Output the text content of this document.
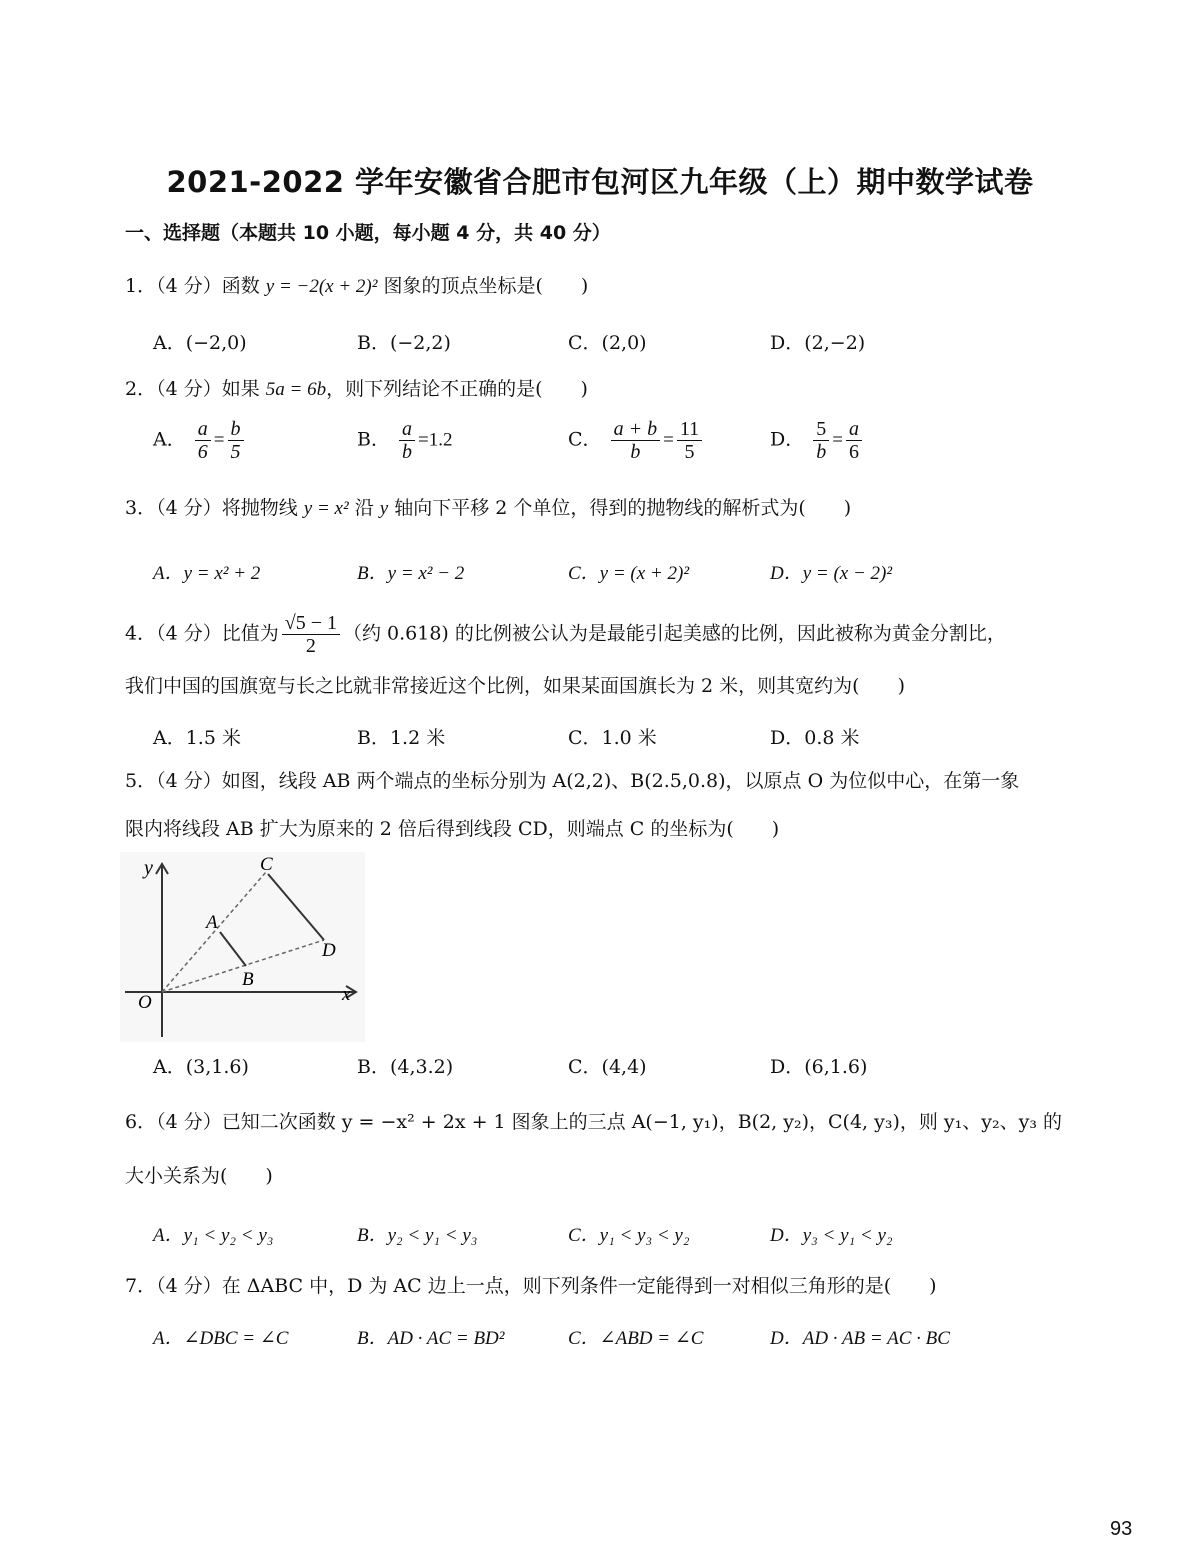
2021-2022 学年安徽省合肥市包河区九年级（上）期中数学试卷
一、选择题（本题共 10 小题，每小题 4 分，共 40 分）
1．（4 分）函数 y = −2(x + 2)² 图象的顶点坐标是(　　)
A．(−2,0)	B．(−2,2)	C．(2,0)	D．(2,−2)
2．（4 分）如果 5a = 6b，则下列结论不正确的是(　　)
A． $\frac{a}{6} = \frac{b}{5}$	B． $\frac{a}{b} =1.2$	C． $\frac{a + b}{b} = \frac{11}{5}$	D． $\frac{5}{b} = \frac{a}{6}$
3．（4 分）将抛物线 y = x² 沿 y 轴向下平移 2 个单位，得到的抛物线的解析式为(　　)
A．y = x² + 2	B．y = x² − 2	C．y = (x + 2)²	D．y = (x − 2)²
4．（4 分）比值为 $\frac{√5 - 1}{2}$ （约 0.618) 的比例被公认为是最能引起美感的比例，因此被称为黄金分割比，
我们中国的国旗宽与长之比就非常接近这个比例，如果某面国旗长为 2 米，则其宽约为(　　)
A．1.5 米	B．1.2 米	C．1.0 米	D．0.8 米
5．（4 分）如图，线段 AB 两个端点的坐标分别为 A(2,2)、B(2.5,0.8)，以原点 O 为位似中心，在第一象
限内将线段 AB 扩大为原来的 2 倍后得到线段 CD，则端点 C 的坐标为(　　)
y
x
O
A
B
C
D
A．(3,1.6)	B．(4,3.2)	C．(4,4)	D．(6,1.6)
6．（4 分）已知二次函数 y = −x² + 2x + 1 图象上的三点 A(−1, y₁)，B(2, y₂)，C(4, y₃)，则 y₁、y₂、y₃ 的
大小关系为(　　)
A．y₁ < y₂ < y₃	B．y₂ < y₁ < y₃	C．y₁ < y₃ < y₂	D．y₃ < y₁ < y₂
7．（4 分）在 ΔABC 中，D 为 AC 边上一点，则下列条件一定能得到一对相似三角形的是(　　)
A．∠DBC = ∠C	B．AD · AC = BD²	C．∠ABD = ∠C	D．AD · AB = AC · BC
93
